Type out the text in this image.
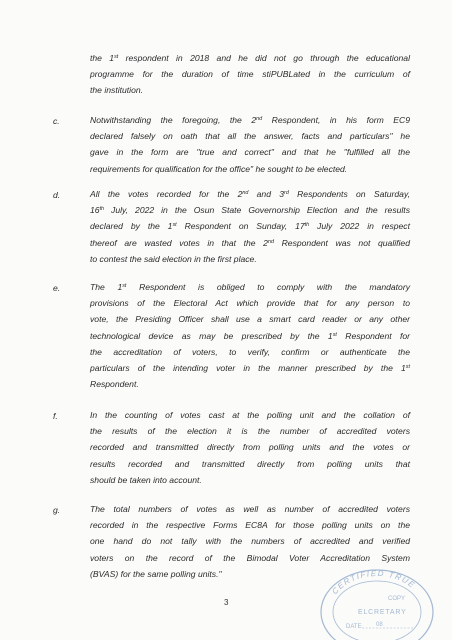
the 1st respondent in 2018 and he did not go through the educational
programme for the duration of time stiPUBLated in the curriculum of
the institution.
c.	Notwithstanding the foregoing, the 2nd Respondent, in his form EC9
declared falsely on oath that all the answer, facts and particulars" he
gave in the form are "true and correct" and that he "fulfilled all the
requirements for qualification for the office" he sought to be elected.
d.	All the votes recorded for the 2nd and 3rd Respondents on Saturday,
16th July, 2022 in the Osun State Governorship Election and the results
declared by the 1st Respondent on Sunday, 17th July 2022 in respect
thereof are wasted votes in that the 2nd Respondent was not qualified
to contest the said election in the first place.
e.	The 1st Respondent is obliged to comply with the mandatory
provisions of the Electoral Act which provide that for any person to
vote, the Presiding Officer shall use a smart card reader or any other
technological device as may be prescribed by the 1st Respondent for
the accreditation of voters, to verify, confirm or authenticate the
particulars of the intending voter in the manner prescribed by the 1st
Respondent.
f.	In the counting of votes cast at the polling unit and the collation of
the results of the election it is the number of accredited voters
recorded and transmitted directly from polling units and the votes or
results recorded and transmitted directly from polling units that
should be taken into account.
g.	The total numbers of votes as well as number of accredited voters
recorded in the respective Forms EC8A for those polling units on the
one hand do not tally with the numbers of accredited and verified
voters on the record of the Bimodal Voter Accreditation System
(BVAS) for the same polling units."
3
CERTIFIED TRUE
COPY
ELCRETARY
DATE 08
